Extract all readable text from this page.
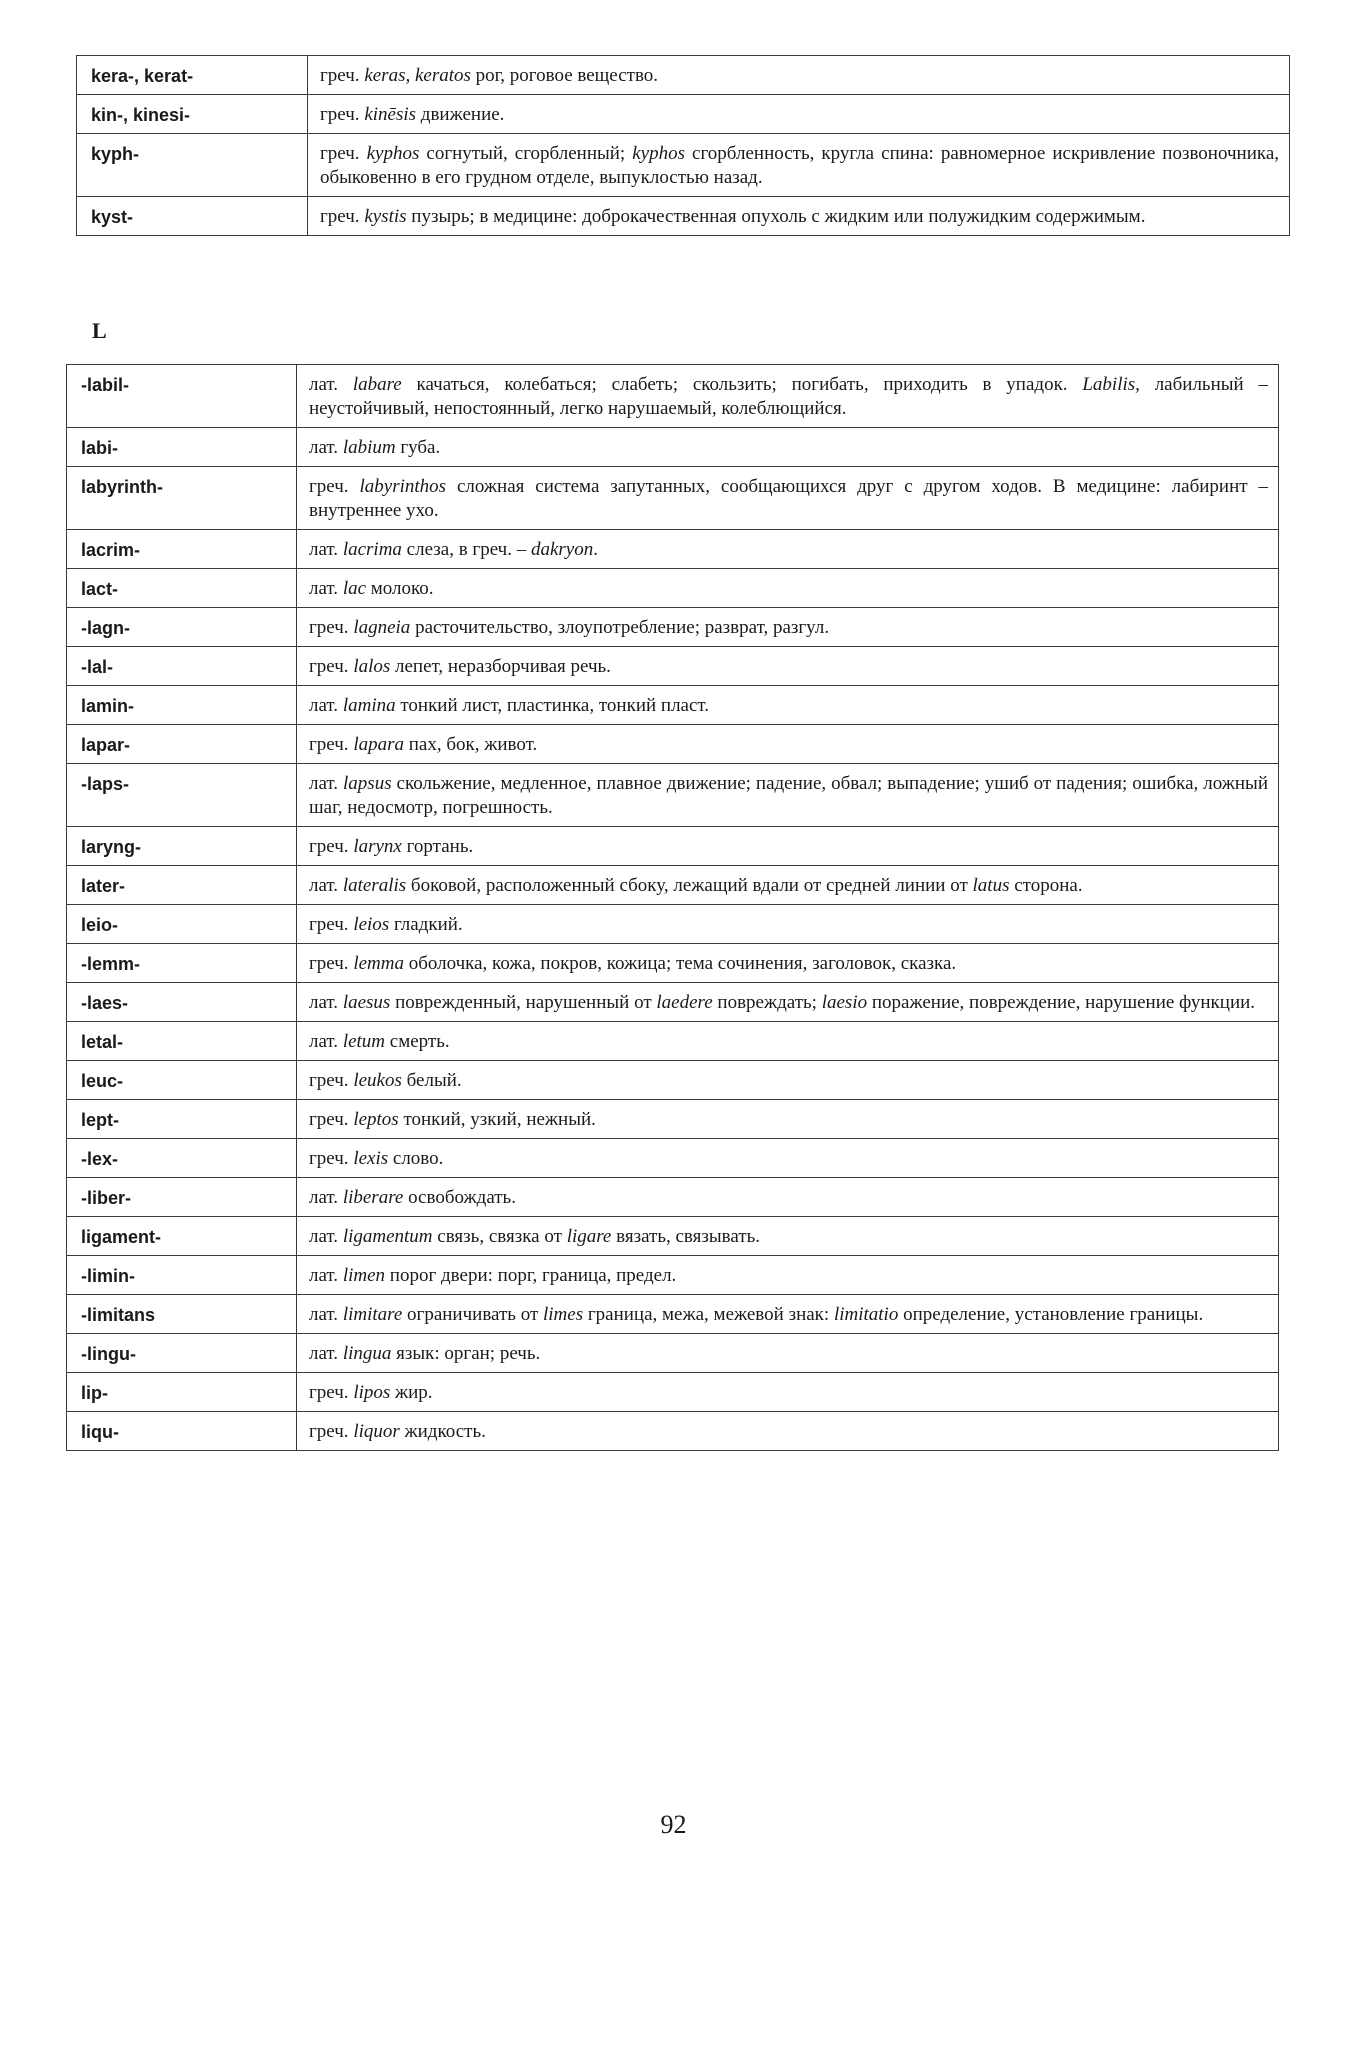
kera-, kerat-	греч. keras, keratos рог, роговое вещество.
kin-, kinesi-	греч. kinēsis движение.
kyph-	греч. kyphos согнутый, сгорбленный; kyphos сгорбленность, кругла спина: равномерное искривление позвоночника, обыковенно в его грудном отделе, выпуклостью назад.
kyst-	греч. kystis пузырь; в медицине: доброкачественная опухоль с жидким или полужидким содержимым.
L
-labil-	лат. labare качаться, колебаться; слабеть; скользить; погибать, приходить в упадок. Labilis, лабильный – неустойчивый, непостоянный, легко нарушаемый, колеблющийся.
labi-	лат. labium губа.
labyrinth-	греч. labyrinthos сложная система запутанных, сообщающихся друг с другом ходов. В медицине: лабиринт – внутреннее ухо.
lacrim-	лат. lacrima слеза, в греч. – dakryon.
lact-	лат. lac молоко.
-lagn-	греч. lagneia расточительство, злоупотребление; разврат, разгул.
-lal-	греч. lalos лепет, неразборчивая речь.
lamin-	лат. lamina тонкий лист, пластинка, тонкий пласт.
lapar-	греч. lapara пах, бок, живот.
-laps-	лат. lapsus скольжение, медленное, плавное движение; падение, обвал; выпадение; ушиб от падения; ошибка, ложный шаг, недосмотр, погрешность.
laryng-	греч. larynx гортань.
later-	лат. lateralis боковой, расположенный сбоку, лежащий вдали от средней линии от latus сторона.
leio-	греч. leios гладкий.
-lemm-	греч. lemma оболочка, кожа, покров, кожица; тема сочинения, заголовок, сказка.
-laes-	лат. laesus поврежденный, нарушенный от laedere повреждать; laesio поражение, повреждение, нарушение функции.
letal-	лат. letum смерть.
leuc-	греч. leukos белый.
lept-	греч. leptos тонкий, узкий, нежный.
-lex-	греч. lexis слово.
-liber-	лат. liberare освобождать.
ligament-	лат. ligamentum связь, связка от ligare вязать, связывать.
-limin-	лат. limen порог двери: порг, граница, предел.
-limitans	лат. limitare ограничивать от limes граница, межа, межевой знак: limitatio определение, установление границы.
-lingu-	лат. lingua язык: орган; речь.
lip-	греч. lipos жир.
liqu-	греч. liquor жидкость.
92
